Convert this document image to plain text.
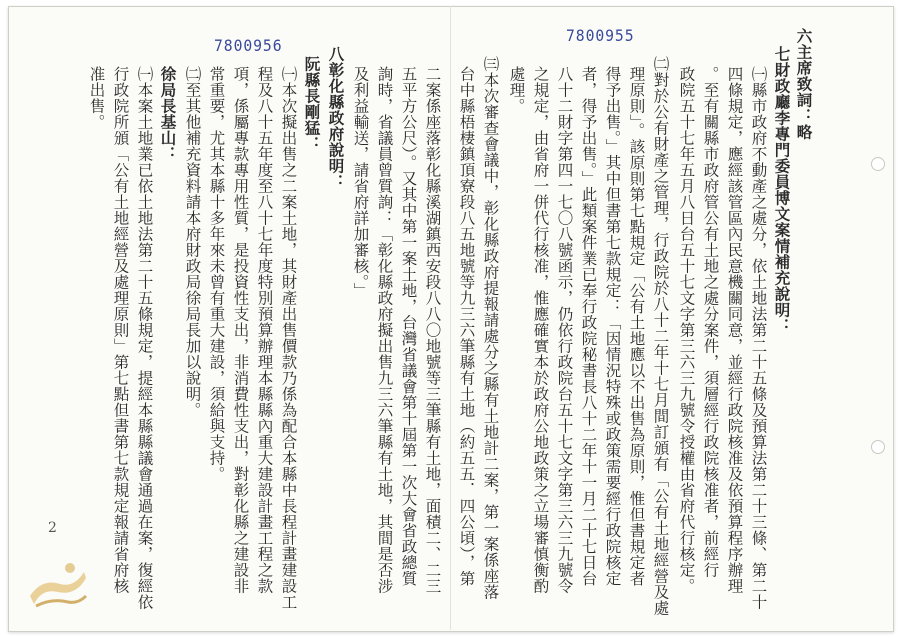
7800955
7800956	六主席致詞：略
七財政廳李專門委員博文案情補充說明：
㈠縣市政府不動產之處分，依土地法第二十五條及預算法第二十三條、第二十
四條規定，應經該管區內民意機關同意，並經行政院核准及依預算程序辦理
。至有關縣市政府管公有土地之處分案件，須層經行政院核准者，前經行
政院五十七年五月八日台五十七文字第三六三九號令授權由省府代行核定。
㈡對於公有財產之管理，行政院於八十二年十七月間訂頒有「公有土地經營及處
理原則」。該原則第七點規定「公有土地應以不出售為原則，惟但書規定者
得予出售。」其中但書第七款規定：「因情況特殊或政策需要經行政院核定
者，得予出售。」此類案件業已奉行政院秘書長八十二年十一月二十七日台
八十二財字第四一七〇八號函示，仍依行政院台五十七文字第三六三九號令
之規定，由省府一併代行核准，惟應確實本於政府公地政策之立場審慎衡酌
處理。
㈢本次審查會議中，彰化縣政府提報請處分之縣有土地計二案，第一案係座落
台中縣梧棲鎮頂寮段八五地號等九三六筆縣有土地（約五五．四公頃），第
二案係座落彰化縣溪湖鎮西安段八八〇地號等三筆縣有土地，面積二、二三
五平方公尺）。又其中第一案土地，台灣省議會第十屆第一次大會省政總質
詢時，省議員曾質詢：「彰化縣政府擬出售九三六筆縣有土地，其間是否涉
及利益輸送，請省府詳加審核。」
八彰化縣政府說明：
阮縣長剛猛：
㈠本次擬出售之二案土地，其財產出售價款乃係為配合本縣中長程計畫建設工
程及八十五年度至八十七年度特別預算辦理本縣縣內重大建設計畫工程之款
項，係屬專款專用性質，是投資性支出，非消費性支出，對彰化縣之建設非
常重要，尤其本縣十多年來未曾有重大建設，須給與支持。
㈡至其他補充資料請本府財政局徐局長加以說明。
徐局長基山：
㈠本案土地業已依土地法第二十五條規定，提經本縣縣議會通過在案，復經依
行政院所頒「公有土地經營及處理原則」第七點但書第七款規定報請省府核
准出售。
2
